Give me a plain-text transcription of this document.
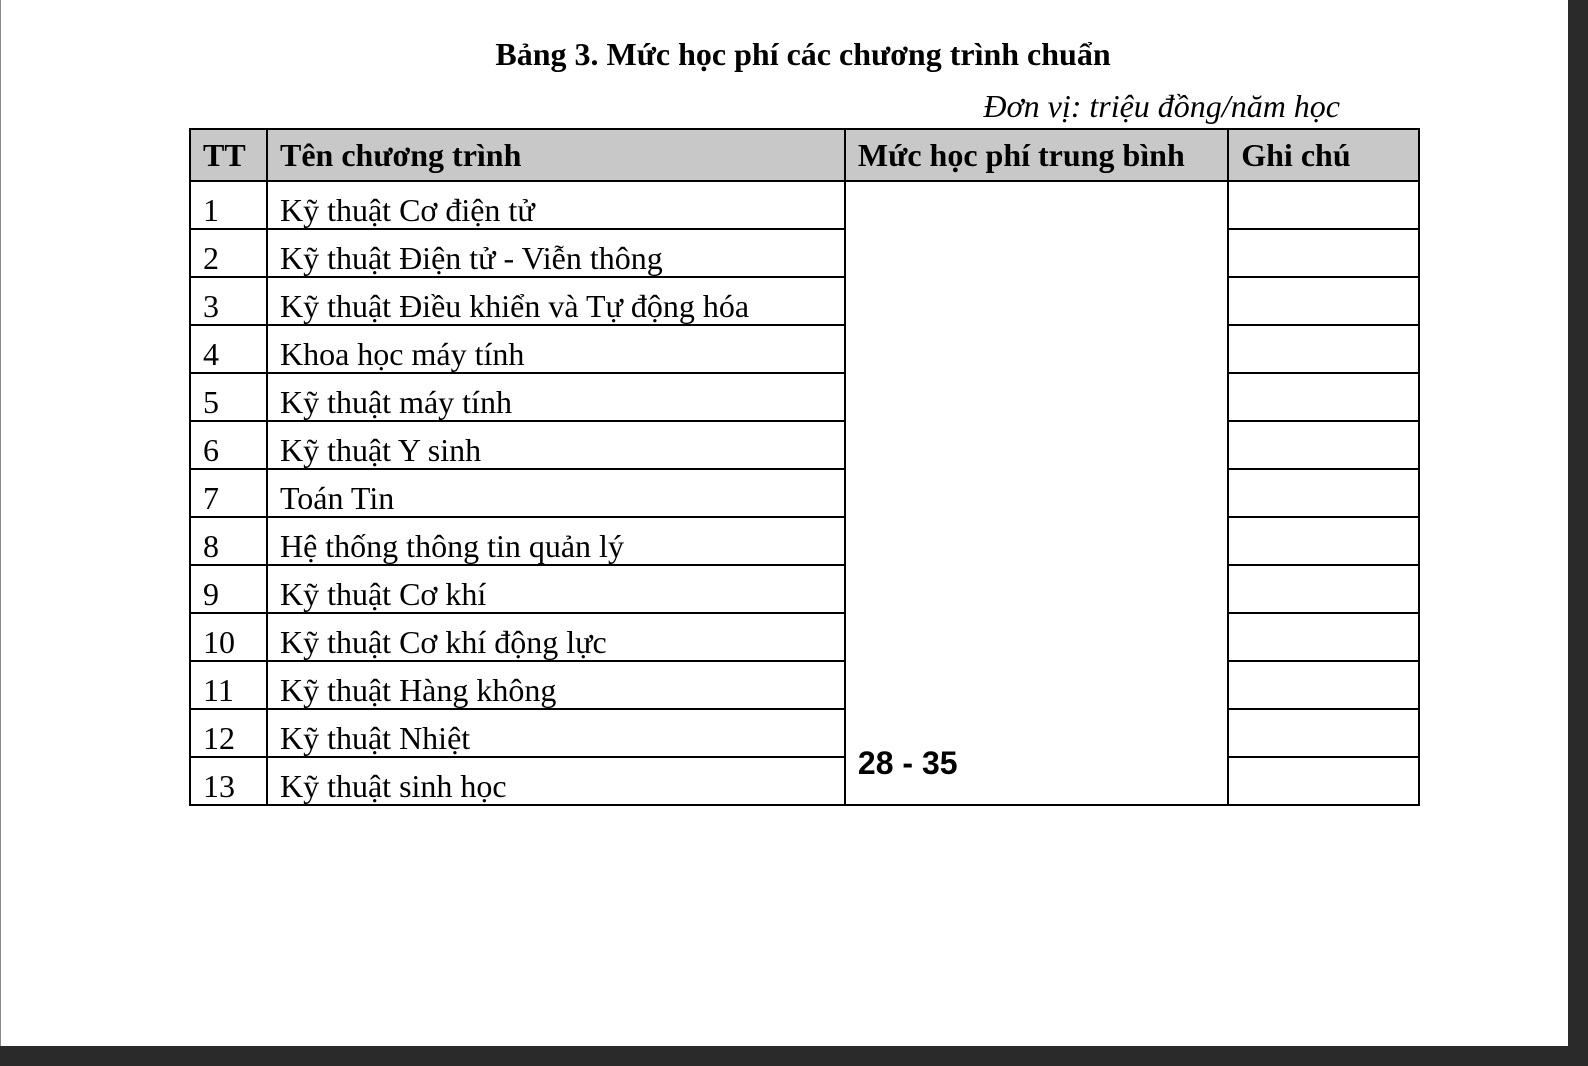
Bảng 3. Mức học phí các chương trình chuẩn
Đơn vị: triệu đồng/năm học
TT	Tên chương trình	Mức học phí trung bình	Ghi chú
1	Kỹ thuật Cơ điện tử	28 - 35	
2	Kỹ thuật Điện tử - Viễn thông		
3	Kỹ thuật Điều khiển và Tự động hóa		
4	Khoa học máy tính		
5	Kỹ thuật máy tính		
6	Kỹ thuật Y sinh		
7	Toán Tin		
8	Hệ thống thông tin quản lý		
9	Kỹ thuật Cơ khí		
10	Kỹ thuật Cơ khí động lực		
11	Kỹ thuật Hàng không		
12	Kỹ thuật Nhiệt		
13	Kỹ thuật sinh học		
